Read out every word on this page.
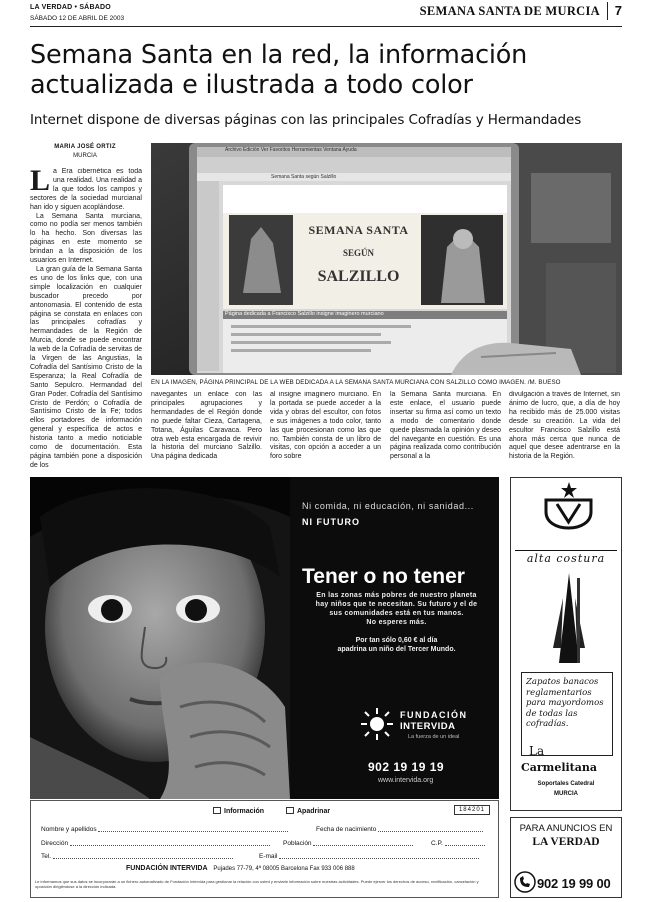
LA VERDAD • SÁBADO
SÁBADO 12 DE ABRIL DE 2003
SEMANA SANTA DE MURCIA	7
Semana Santa en la red, la información
actualizada e ilustrada a todo color
Internet dispone de diversas páginas con las principales Cofradías y Hermandades
MARIA JOSÉ ORTIZ
MURCIA

La Era cibernética es toda una realidad. Una realidad a la que todos los campos y sectores de la sociedad murcianal han ido y siguen acoplándose.

La Semana Santa murciana, como no podía ser menos también lo ha hecho. Son diversas las páginas en este momento se brindan a la disposición de los usuarios en Internet.

La gran guía de la Semana Santa es uno de los links que, con una simple localización en cualquier buscador precedo por antonomasia. El contenido de esta página se constata en enlaces con las principales cofradías y hermandades de la Región de Murcia, donde se puede encontrar la web de la Cofradía de servitas de la Virgen de las Angustias, la Cofradía del Santísimo Cristo de la Esperanza; la Real Cofradía de Santo Sepulcro. Hermandad del Gran Poder. Cofradía del Santísimo Cristo de Perdón; o Cofradía de Santísimo Cristo de la Fe; todos ellos portadores de información general y específica de actos e historia tanto a medio noticiable como de documentación. Esta página también pone a disposición de los

Archivo Edición Ver Favoritos Herramientas Ventana Ayuda
Semana Santa según Salzillo
SEMANA SANTA
SEGÚN
SALZILLO
Página dedicada a Francisco Salzillo insigne imaginero murciano
EN LA IMAGEN, PÁGINA PRINCIPAL DE LA WEB DEDICADA A LA SEMANA SANTA MURCIANA CON SALZILLO COMO IMAGEN. /M. BUESO
navegantes un enlace con las principales agrupaciones y hermandades de el Región donde no puede faltar Cieza, Cartagena, Totana, Águilas Caravaca. Pero otra web esta encargada de revivir la historia del murciano Salzillo. Una página dedicada
al insigne imaginero murciano. En la portada se puede acceder a la vida y obras del escultor, con fotos e sus imágenes a todo color, tanto las que procesionan como las que no. También consta de un libro de visitas, con opción a acceder a un foro sobre
la Semana Santa murciana. En este enlace, el usuario puede insertar su firma así como un texto a modo de comentario donde quede plasmada la opinión y deseo del navegante en cuestión. Es una página realizada como contribución personal a la
divulgación a través de Internet, sin ánimo de lucro, que, a día de hoy ha recibido más de 25.000 visitas desde su creación. La vida del escultor Francisco Salzillo está ahora más cerca que nunca de aquel que desee adentrarse en la historia de la Región.
Ni comida, ni educación, ni sanidad...
NI FUTURO
Tener o no tener
En las zonas más pobres de nuestro planeta
hay niños que te necesitan. Su futuro y el de
sus comunidades está en tus manos.
No esperes más.
Por tan sólo 0,60 € al día
apadrina un niño del Tercer Mundo.
FUNDACIÓN
INTERVIDA
La fuerza de un ideal
902 19 19 19
www.intervida.org
Información	Apadrinar	184201
Nombre y apellidos	Fecha de nacimiento
Dirección	Población	C.P.
Tel.	E-mail
FUNDACIÓN INTERVIDA Pujades 77-79, 4ª 08005 Barcelona Fax 933 006 888
Le informamos que sus datos se incorporarán a un fichero automatizado de Fundación Intervida para gestionar la relación con usted y enviarle información sobre nuestras actividades. Puede ejercer los derechos de acceso, rectificación, cancelación y oposición dirigiéndose a la dirección indicada.
alta costura
Zapatos banacos reglamentarios para mayordomos de todas las cofradías.
La
Carmelitana
Soportales Catedral
MURCIA
PARA ANUNCIOS EN
LA VERDAD
902 19 99 00
